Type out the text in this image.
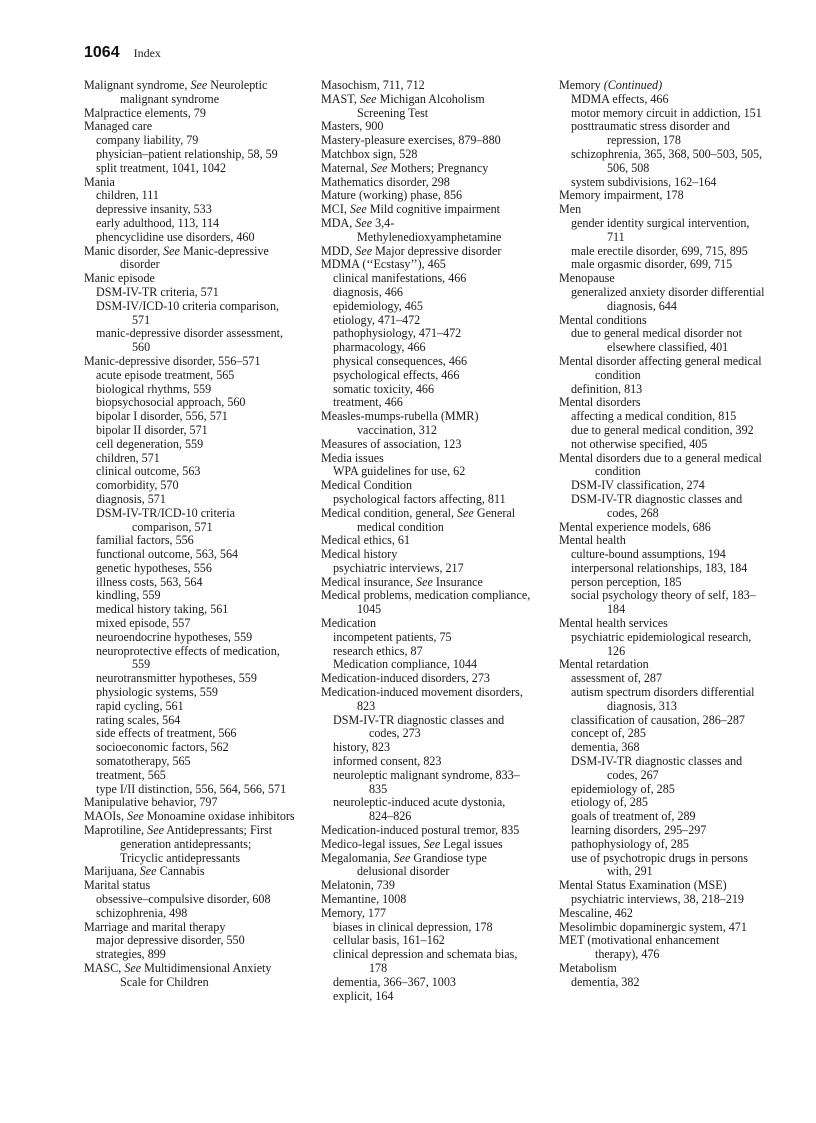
1064 Index
Malignant syndrome, See Neuroleptic malignant syndrome
Malpractice elements, 79
Managed care
company liability, 79
physician–patient relationship, 58, 59
split treatment, 1041, 1042
Mania
children, 111
depressive insanity, 533
early adulthood, 113, 114
phencyclidine use disorders, 460
Manic disorder, See Manic-depressive disorder
Manic episode
DSM-IV-TR criteria, 571
DSM-IV/ICD-10 criteria comparison, 571
manic-depressive disorder assessment, 560
Manic-depressive disorder, 556–571
acute episode treatment, 565
biological rhythms, 559
biopsychosocial approach, 560
bipolar I disorder, 556, 571
bipolar II disorder, 571
cell degeneration, 559
children, 571
clinical outcome, 563
comorbidity, 570
diagnosis, 571
DSM-IV-TR/ICD-10 criteria comparison, 571
familial factors, 556
functional outcome, 563, 564
genetic hypotheses, 556
illness costs, 563, 564
kindling, 559
medical history taking, 561
mixed episode, 557
neuroendocrine hypotheses, 559
neuroprotective effects of medication, 559
neurotransmitter hypotheses, 559
physiologic systems, 559
rapid cycling, 561
rating scales, 564
side effects of treatment, 566
socioeconomic factors, 562
somatotherapy, 565
treatment, 565
type I/II distinction, 556, 564, 566, 571
Manipulative behavior, 797
MAOIs, See Monoamine oxidase inhibitors
Maprotiline, See Antidepressants; First generation antidepressants; Tricyclic antidepressants
Marijuana, See Cannabis
Marital status
obsessive–compulsive disorder, 608
schizophrenia, 498
Marriage and marital therapy
major depressive disorder, 550
strategies, 899
MASC, See Multidimensional Anxiety Scale for Children
Masochism, 711, 712
MAST, See Michigan Alcoholism Screening Test
Masters, 900
Mastery-pleasure exercises, 879–880
Matchbox sign, 528
Maternal, See Mothers; Pregnancy
Mathematics disorder, 298
Mature (working) phase, 856
MCI, See Mild cognitive impairment
MDA, See 3,4-Methylenedioxyamphetamine
MDD, See Major depressive disorder
MDMA (‘‘Ecstasy’’), 465
clinical manifestations, 466
diagnosis, 466
epidemiology, 465
etiology, 471–472
pathophysiology, 471–472
pharmacology, 466
physical consequences, 466
psychological effects, 466
somatic toxicity, 466
treatment, 466
Measles-mumps-rubella (MMR) vaccination, 312
Measures of association, 123
Media issues
WPA guidelines for use, 62
Medical Condition
psychological factors affecting, 811
Medical condition, general, See General medical condition
Medical ethics, 61
Medical history
psychiatric interviews, 217
Medical insurance, See Insurance
Medical problems, medication compliance, 1045
Medication
incompetent patients, 75
research ethics, 87
Medication compliance, 1044
Medication-induced disorders, 273
Medication-induced movement disorders, 823
DSM-IV-TR diagnostic classes and codes, 273
history, 823
informed consent, 823
neuroleptic malignant syndrome, 833–835
neuroleptic-induced acute dystonia, 824–826
Medication-induced postural tremor, 835
Medico-legal issues, See Legal issues
Megalomania, See Grandiose type delusional disorder
Melatonin, 739
Memantine, 1008
Memory, 177
biases in clinical depression, 178
cellular basis, 161–162
clinical depression and schemata bias, 178
dementia, 366–367, 1003
explicit, 164
Memory (Continued)
MDMA effects, 466
motor memory circuit in addiction, 151
posttraumatic stress disorder and repression, 178
schizophrenia, 365, 368, 500–503, 505, 506, 508
system subdivisions, 162–164
Memory impairment, 178
Men
gender identity surgical intervention, 711
male erectile disorder, 699, 715, 895
male orgasmic disorder, 699, 715
Menopause
generalized anxiety disorder differential diagnosis, 644
Mental conditions
due to general medical disorder not elsewhere classified, 401
Mental disorder affecting general medical condition
definition, 813
Mental disorders
affecting a medical condition, 815
due to general medical condition, 392
not otherwise specified, 405
Mental disorders due to a general medical condition
DSM-IV classification, 274
DSM-IV-TR diagnostic classes and codes, 268
Mental experience models, 686
Mental health
culture-bound assumptions, 194
interpersonal relationships, 183, 184
person perception, 185
social psychology theory of self, 183–184
Mental health services
psychiatric epidemiological research, 126
Mental retardation
assessment of, 287
autism spectrum disorders differential diagnosis, 313
classification of causation, 286–287
concept of, 285
dementia, 368
DSM-IV-TR diagnostic classes and codes, 267
epidemiology of, 285
etiology of, 285
goals of treatment of, 289
learning disorders, 295–297
pathophysiology of, 285
use of psychotropic drugs in persons with, 291
Mental Status Examination (MSE)
psychiatric interviews, 38, 218–219
Mescaline, 462
Mesolimbic dopaminergic system, 471
MET (motivational enhancement therapy), 476
Metabolism
dementia, 382
